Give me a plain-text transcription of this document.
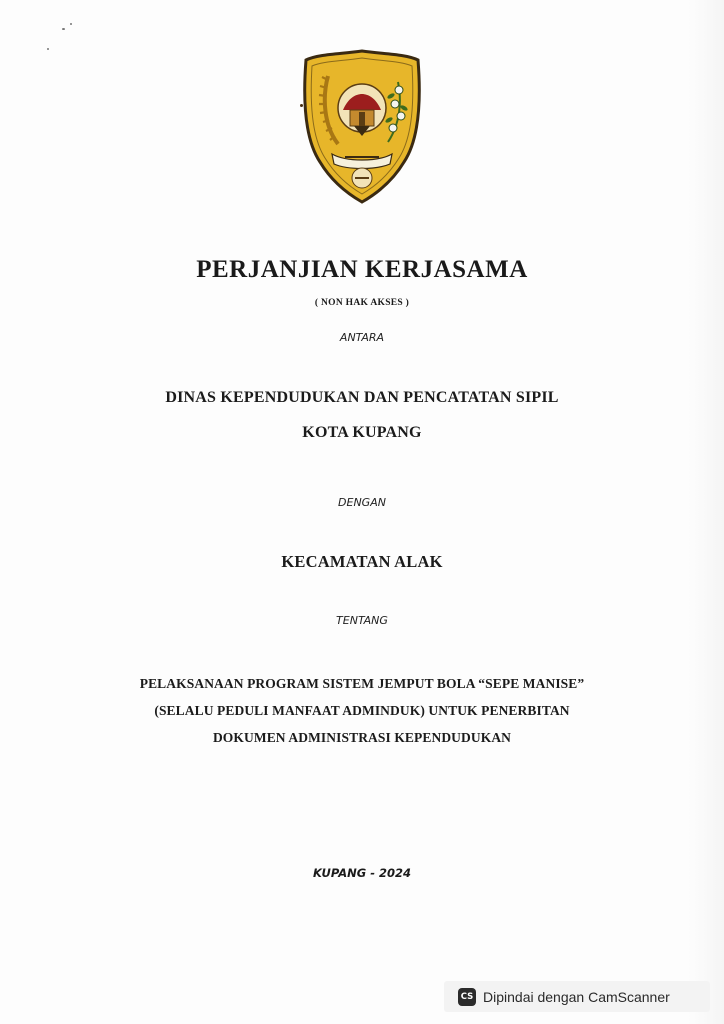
PERJANJIAN KERJASAMA
( NON HAK AKSES )
ANTARA
DINAS KEPENDUDUKAN DAN PENCATATAN SIPIL
KOTA KUPANG
DENGAN
KECAMATAN ALAK
TENTANG
PELAKSANAAN PROGRAM SISTEM JEMPUT BOLA “SEPE MANISE”
(SELALU PEDULI MANFAAT ADMINDUK) UNTUK PENERBITAN
DOKUMEN ADMINISTRASI KEPENDUDUKAN
KUPANG - 2024
CS Dipindai dengan CamScanner
